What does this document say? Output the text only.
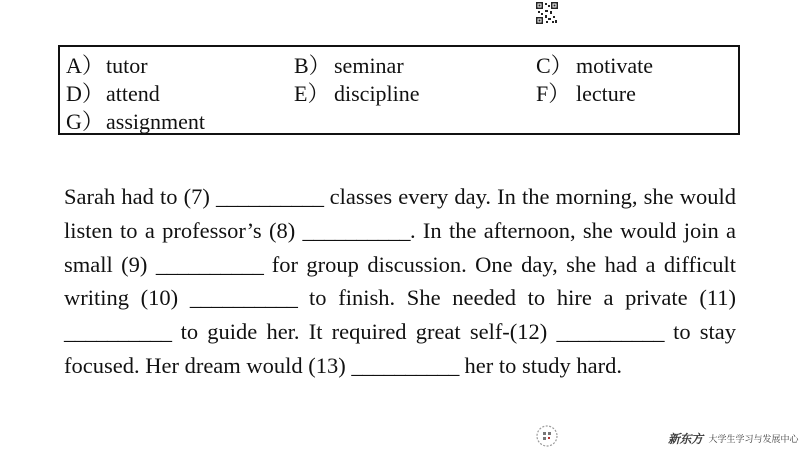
A）tutor	B） seminar	C） motivate
D）attend	E） discipline	F） lecture
G）assignment

Sarah had to (7) __________ classes every day. In the morning, she would listen to a professor’s (8) __________. In the afternoon, she would join a small (9) __________ for group discussion. One day, she had a difficult writing (10) __________ to finish. She needed to hire a private (11) __________ to guide her. It required great self-(12) __________ to stay focused. Her dream would (13) __________ her to study hard.

新东方 大学生学习与发展中心
